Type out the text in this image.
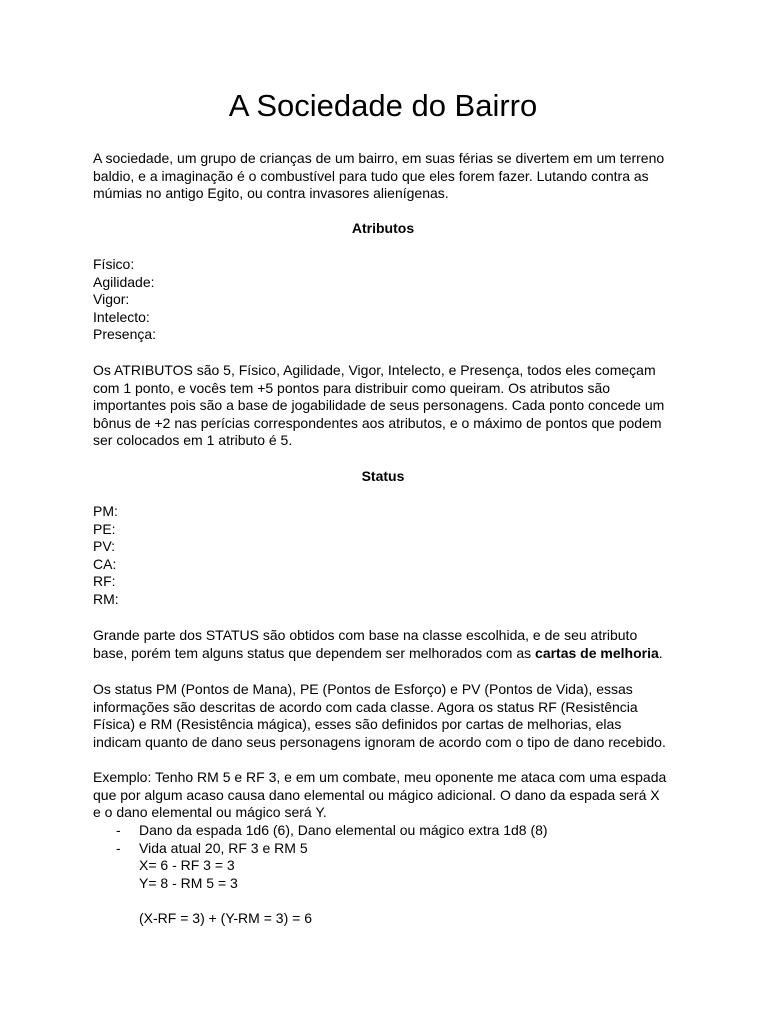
A Sociedade do Bairro
A sociedade, um grupo de crianças de um bairro, em suas férias se divertem em um terreno
baldio, e a imaginação é o combustível para tudo que eles forem fazer. Lutando contra as
múmias no antigo Egito, ou contra invasores alienígenas.
Atributos
Físico:
Agilidade:
Vigor:
Intelecto:
Presença:
Os ATRIBUTOS são 5, Físico, Agilidade, Vigor, Intelecto, e Presença, todos eles começam
com 1 ponto, e vocês tem +5 pontos para distribuir como queiram. Os atributos são
importantes pois são a base de jogabilidade de seus personagens. Cada ponto concede um
bônus de +2 nas perícias correspondentes aos atributos, e o máximo de pontos que podem
ser colocados em 1 atributo é 5.
Status
PM:
PE:
PV:
CA:
RF:
RM:
Grande parte dos STATUS são obtidos com base na classe escolhida, e de seu atributo
base, porém tem alguns status que dependem ser melhorados com as cartas de melhoria.
Os status PM (Pontos de Mana), PE (Pontos de Esforço) e PV (Pontos de Vida), essas
informações são descritas de acordo com cada classe. Agora os status RF (Resistência
Física) e RM (Resistência mágica), esses são definidos por cartas de melhorias, elas
indicam quanto de dano seus personagens ignoram de acordo com o tipo de dano recebido.
Exemplo: Tenho RM 5 e RF 3, e em um combate, meu oponente me ataca com uma espada
que por algum acaso causa dano elemental ou mágico adicional. O dano da espada será X
e o dano elemental ou mágico será Y.
- Dano da espada 1d6 (6), Dano elemental ou mágico extra 1d8 (8)
- Vida atual 20, RF 3 e RM 5
X= 6 - RF 3 = 3
Y= 8 - RM 5 = 3
(X-RF = 3) + (Y-RM = 3) = 6
